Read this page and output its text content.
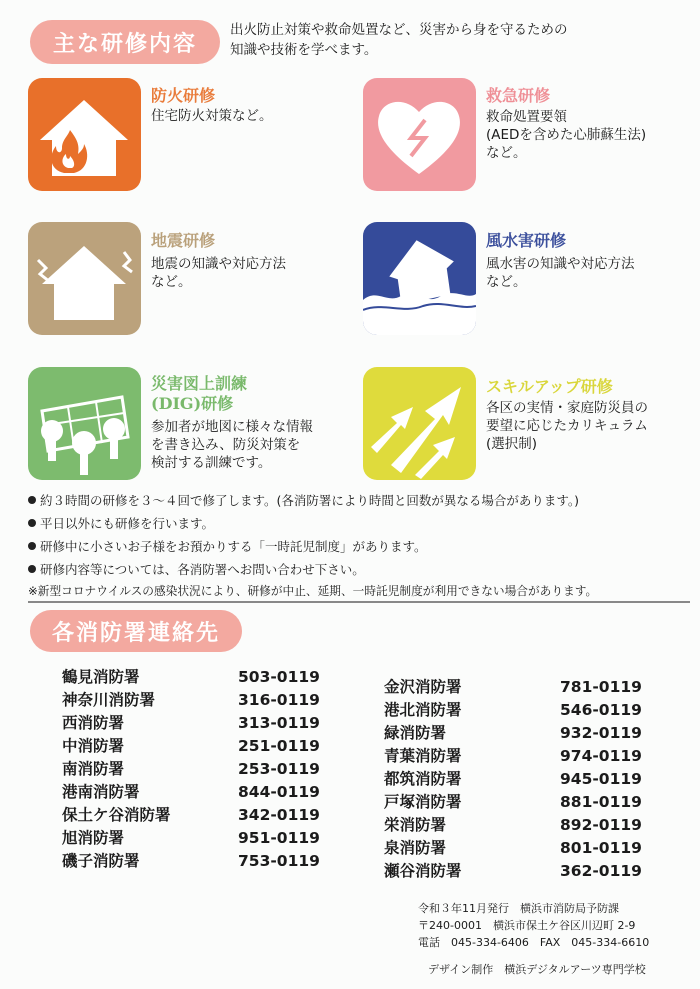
主な研修内容
出火防止対策や救命処置など、災害から身を守るための
知識や技術を学べます。
防火研修
住宅防火対策など。
救急研修
救命処置要領
(AEDを含めた心肺蘇生法)
など。
地震研修
地震の知識や対応方法
など。
風水害研修
風水害の知識や対応方法
など。
災害図上訓練
(DIG)研修
参加者が地図に様々な情報
を書き込み、防災対策を
検討する訓練です。
スキルアップ研修
各区の実情・家庭防災員の
要望に応じたカリキュラム
(選択制)
約３時間の研修を３～４回で修了します。(各消防署により時間と回数が異なる場合があります。)
平日以外にも研修を行います。
研修中に小さいお子様をお預かりする「一時託児制度」があります。
研修内容等については、各消防署へお問い合わせ下さい。
※新型コロナウイルスの感染状況により、研修が中止、延期、一時託児制度が利用できない場合があります。
各消防署連絡先
鶴見消防署	503-0119
神奈川消防署	316-0119
西消防署	313-0119
中消防署	251-0119
南消防署	253-0119
港南消防署	844-0119
保土ケ谷消防署	342-0119
旭消防署	951-0119
磯子消防署	753-0119
金沢消防署	781-0119
港北消防署	546-0119
緑消防署	932-0119
青葉消防署	974-0119
都筑消防署	945-0119
戸塚消防署	881-0119
栄消防署	892-0119
泉消防署	801-0119
瀬谷消防署	362-0119
令和３年11月発行　横浜市消防局予防課
〒240-0001　横浜市保土ケ谷区川辺町 2-9
電話　045-334-6406　FAX　045-334-6610
デザイン制作　横浜デジタルアーツ専門学校
